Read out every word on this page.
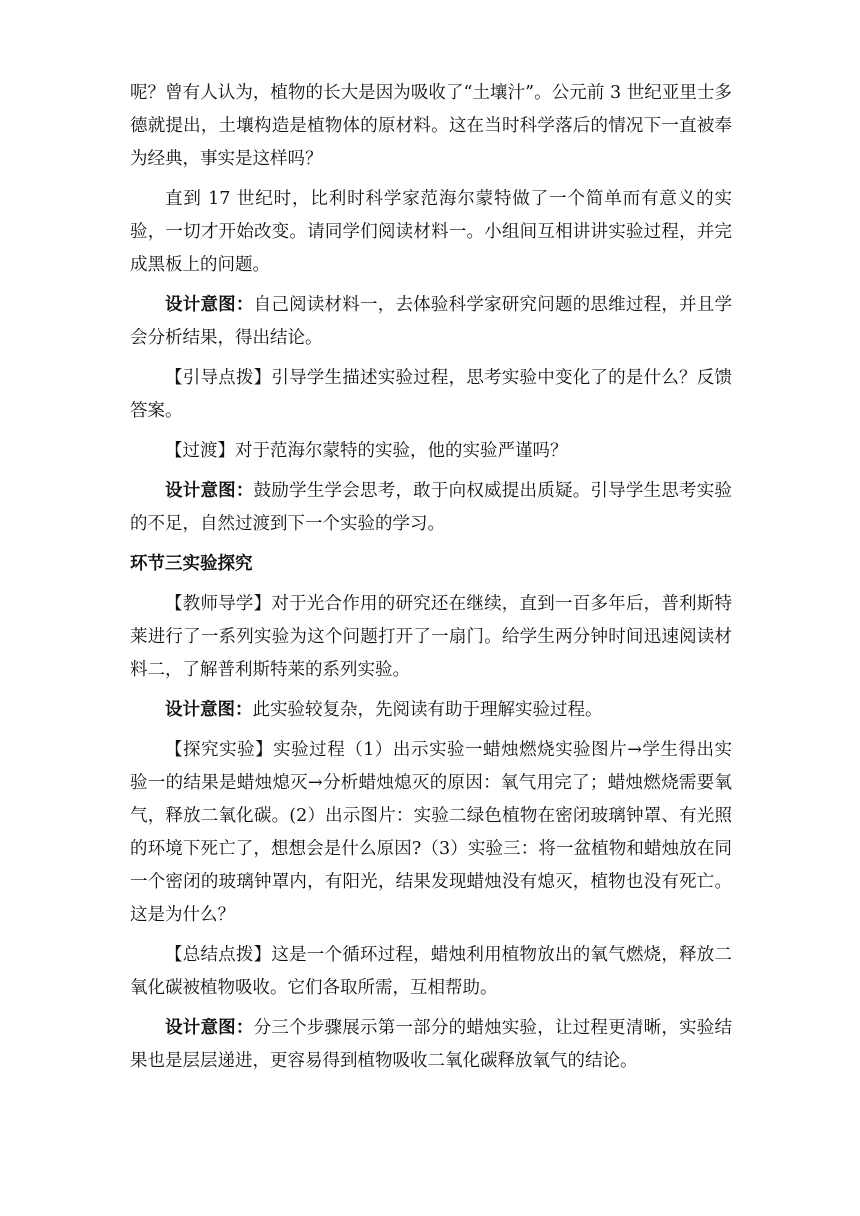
呢？曾有人认为，植物的长大是因为吸收了“土壤汁”。公元前 3 世纪亚里士多德就提出，土壤构造是植物体的原材料。这在当时科学落后的情况下一直被奉为经典，事实是这样吗？

直到 17 世纪时，比利时科学家范海尔蒙特做了一个简单而有意义的实验，一切才开始改变。请同学们阅读材料一。小组间互相讲讲实验过程，并完成黑板上的问题。

设计意图：自己阅读材料一，去体验科学家研究问题的思维过程，并且学会分析结果，得出结论。

【引导点拨】引导学生描述实验过程，思考实验中变化了的是什么？反馈答案。

【过渡】对于范海尔蒙特的实验，他的实验严谨吗？

设计意图：鼓励学生学会思考，敢于向权威提出质疑。引导学生思考实验的不足，自然过渡到下一个实验的学习。

环节三实验探究

【教师导学】对于光合作用的研究还在继续，直到一百多年后，普利斯特莱进行了一系列实验为这个问题打开了一扇门。给学生两分钟时间迅速阅读材料二，了解普利斯特莱的系列实验。

设计意图：此实验较复杂，先阅读有助于理解实验过程。

【探究实验】实验过程（1）出示实验一蜡烛燃烧实验图片→学生得出实验一的结果是蜡烛熄灭→分析蜡烛熄灭的原因：氧气用完了；蜡烛燃烧需要氧气，释放二氧化碳。(2）出示图片：实验二绿色植物在密闭玻璃钟罩、有光照的环境下死亡了，想想会是什么原因?（3）实验三：将一盆植物和蜡烛放在同一个密闭的玻璃钟罩内，有阳光，结果发现蜡烛没有熄灭，植物也没有死亡。这是为什么？

【总结点拨】这是一个循环过程，蜡烛利用植物放出的氧气燃烧，释放二氧化碳被植物吸收。它们各取所需，互相帮助。

设计意图：分三个步骤展示第一部分的蜡烛实验，让过程更清晰，实验结果也是层层递进，更容易得到植物吸收二氧化碳释放氧气的结论。
